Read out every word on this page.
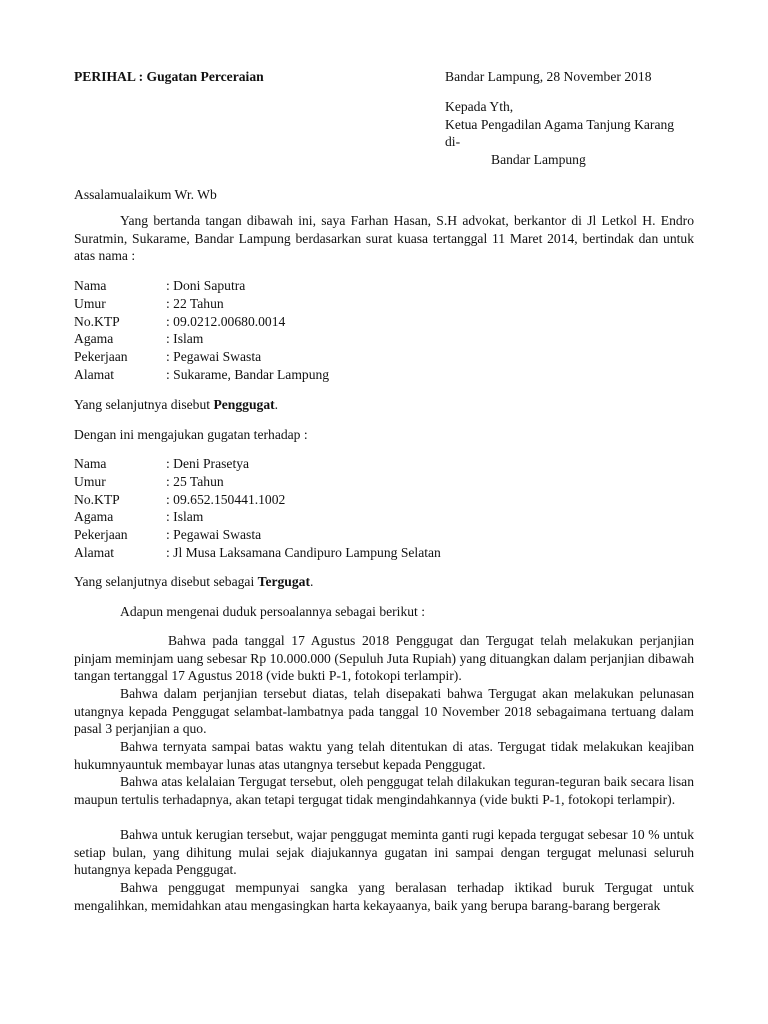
PERIHAL : Gugatan Perceraian	Bandar Lampung, 28 November 2018
Kepada Yth,
Ketua Pengadilan Agama Tanjung Karang
di-
Bandar Lampung
Assalamualaikum Wr. Wb
Yang bertanda tangan dibawah ini, saya Farhan Hasan, S.H advokat, berkantor di Jl Letkol H. Endro Suratmin, Sukarame, Bandar Lampung berdasarkan surat kuasa tertanggal 11 Maret 2014, bertindak dan untuk atas nama :
Nama	: Doni Saputra
Umur	: 22 Tahun
No.KTP	: 09.0212.00680.0014
Agama	: Islam
Pekerjaan	: Pegawai Swasta
Alamat	: Sukarame, Bandar Lampung
Yang selanjutnya disebut Penggugat.
Dengan ini mengajukan gugatan terhadap :
Nama	: Deni Prasetya
Umur	: 25 Tahun
No.KTP	: 09.652.150441.1002
Agama	: Islam
Pekerjaan	: Pegawai Swasta
Alamat	: Jl Musa Laksamana Candipuro Lampung Selatan
Yang selanjutnya disebut sebagai Tergugat.
Adapun mengenai duduk persoalannya sebagai berikut :
Bahwa pada tanggal 17 Agustus 2018 Penggugat dan Tergugat telah melakukan perjanjian pinjam meminjam uang sebesar Rp 10.000.000 (Sepuluh Juta Rupiah) yang dituangkan dalam perjanjian dibawah tangan tertanggal 17 Agustus 2018 (vide bukti P-1, fotokopi terlampir).
Bahwa dalam perjanjian tersebut diatas, telah disepakati bahwa Tergugat akan melakukan pelunasan utangnya kepada Penggugat selambat-lambatnya pada tanggal 10 November 2018 sebagaimana tertuang dalam pasal 3 perjanjian a quo.
Bahwa ternyata sampai batas waktu yang telah ditentukan di atas. Tergugat tidak melakukan keajiban hukumnyauntuk membayar lunas atas utangnya tersebut kepada Penggugat.
Bahwa atas kelalaian Tergugat tersebut, oleh penggugat telah dilakukan teguran-teguran baik secara lisan maupun tertulis terhadapnya, akan tetapi tergugat tidak mengindahkannya (vide bukti P-1, fotokopi terlampir).
Bahwa untuk kerugian tersebut, wajar penggugat meminta ganti rugi kepada tergugat sebesar 10 % untuk setiap bulan, yang dihitung mulai sejak diajukannya gugatan ini sampai dengan tergugat melunasi seluruh hutangnya kepada Penggugat.
Bahwa penggugat mempunyai sangka yang beralasan terhadap iktikad buruk Tergugat untuk mengalihkan, memidahkan atau mengasingkan harta kekayaanya, baik yang berupa barang-barang bergerak
